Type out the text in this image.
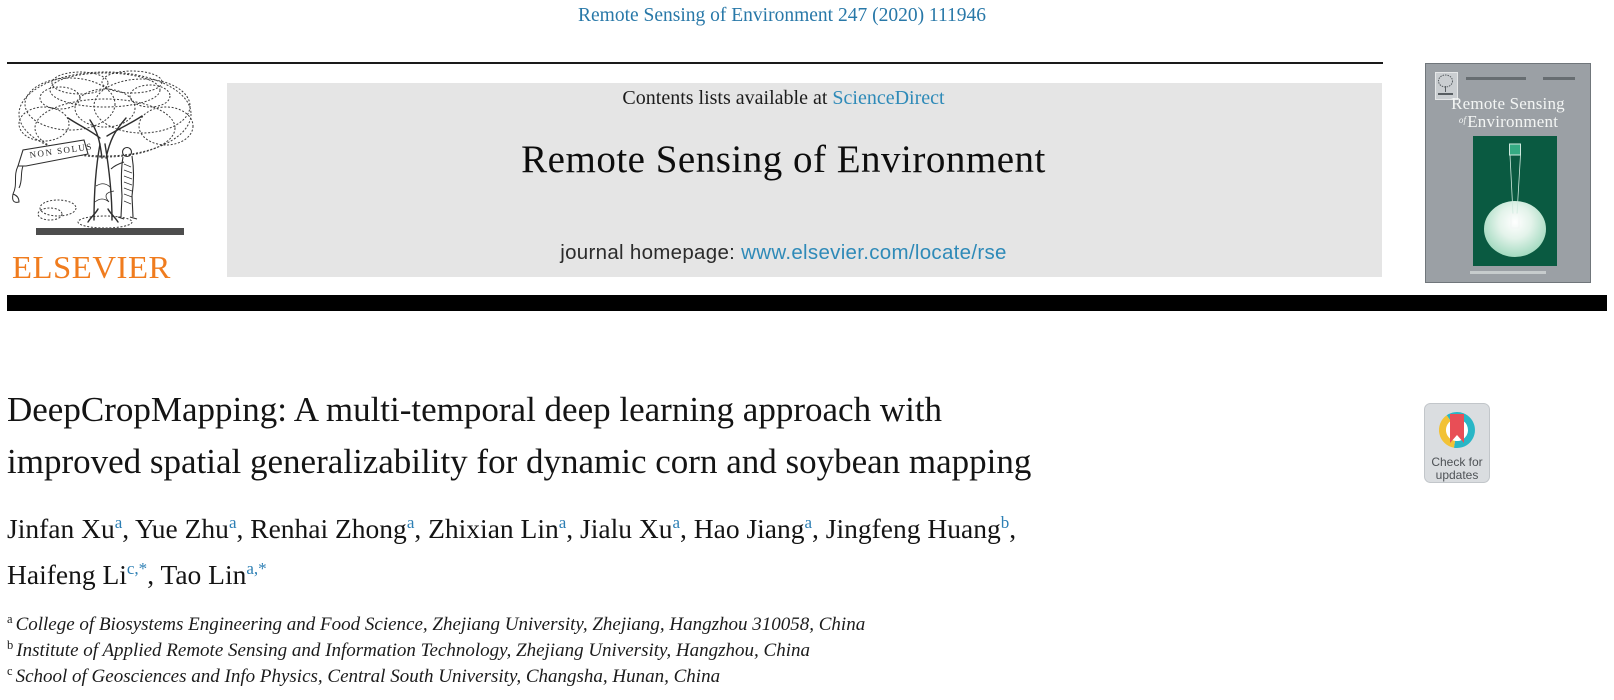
Remote Sensing of Environment 247 (2020) 111946
NON SOLUS
ELSEVIER
Contents lists available at ScienceDirect
Remote Sensing of Environment
journal homepage: www.elsevier.com/locate/rse
Remote Sensing
$^{of}$Environment
DeepCropMapping: A multi-temporal deep learning approach with
improved spatial generalizability for dynamic corn and soybean mapping	Check for
updates
Jinfan Xu$^a$, Yue Zhu$^a$, Renhai Zhong$^a$, Zhixian Lin$^a$, Jialu Xu$^a$, Hao Jiang$^a$, Jingfeng Huang$^b$,
Haifeng $Li^{c,*}$, Tao Lin$^{a,*}$
$^a$ College of Biosystems Engineering and Food Science, Zhejiang University, Zhejiang, Hangzhou 310058, China
$^b$ Institute of Applied Remote Sensing and Information Technology, Zhejiang University, Hangzhou, China
$^c$ School of Geosciences and Info Physics, Central South University, Changsha, Hunan, China
